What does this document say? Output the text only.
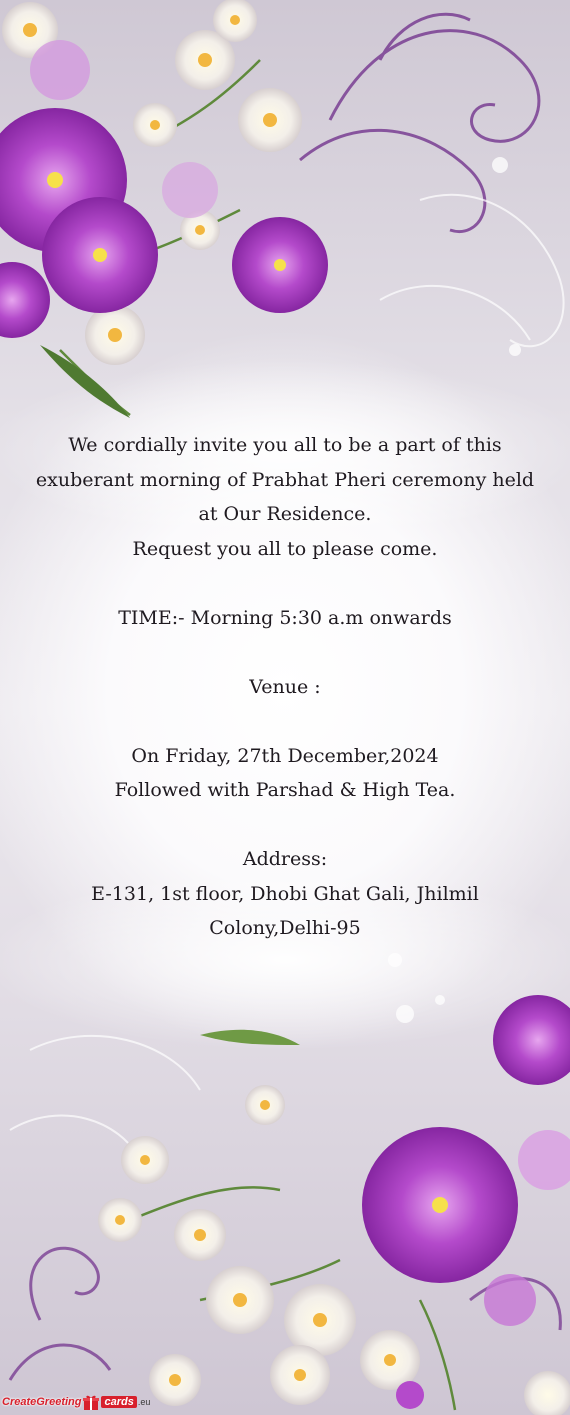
We cordially invite you all to be a part of this
exuberant morning of Prabhat Pheri ceremony held
at Our Residence.
Request you all to please come.

TIME:- Morning 5:30 a.m onwards

Venue :

On Friday, 27th December,2024
Followed with Parshad & High Tea.

Address:
E-131, 1st floor, Dhobi Ghat Gali, Jhilmil
Colony,Delhi-95
CreateGreeting cards .eu
